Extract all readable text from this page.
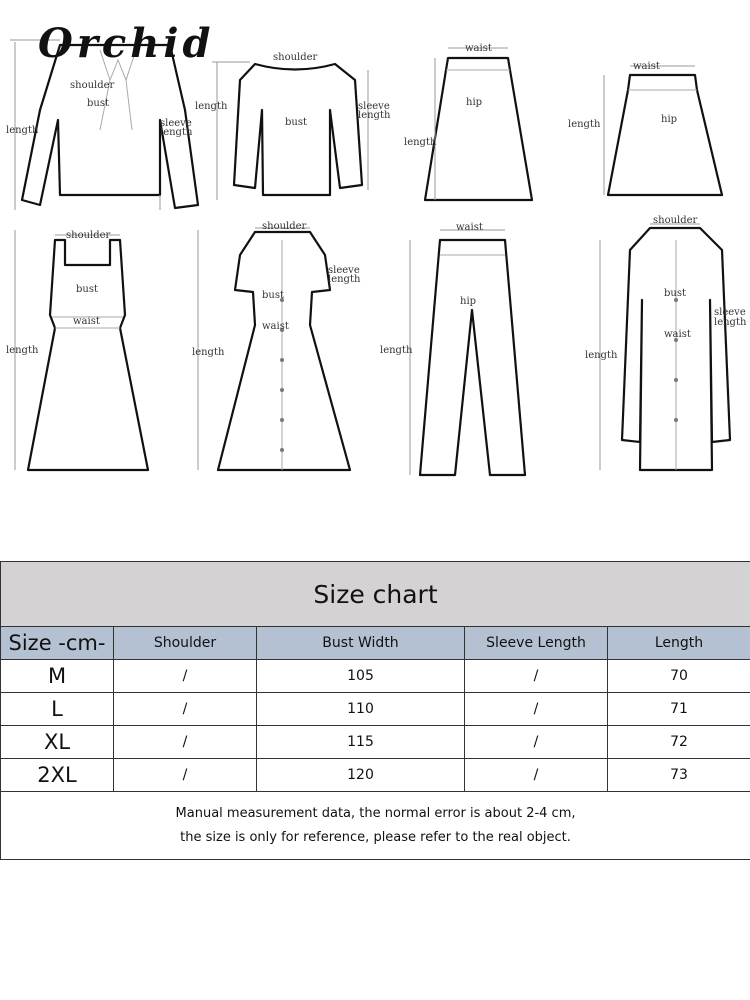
shoulder
bust
length
sleeve
length
shoulder
length
bust
sleeve
length
waist
hip
length
waist
hip
length
shoulder
bust
waist
length
shoulder
sleeve
length
bust
waist
length
waist
hip
length
shoulder
bust
waist
length
sleeve
length
Orchid
Size chart				
Size -cm-	Shoulder	Bust Width	Sleeve Length	Length
M	/	105	/	70
L	/	110	/	71
XL	/	115	/	72
2XL	/	120	/	73

Manual measurement data, the normal error is about 2-4 cm,
the size is only for reference, please refer to the real object.				
